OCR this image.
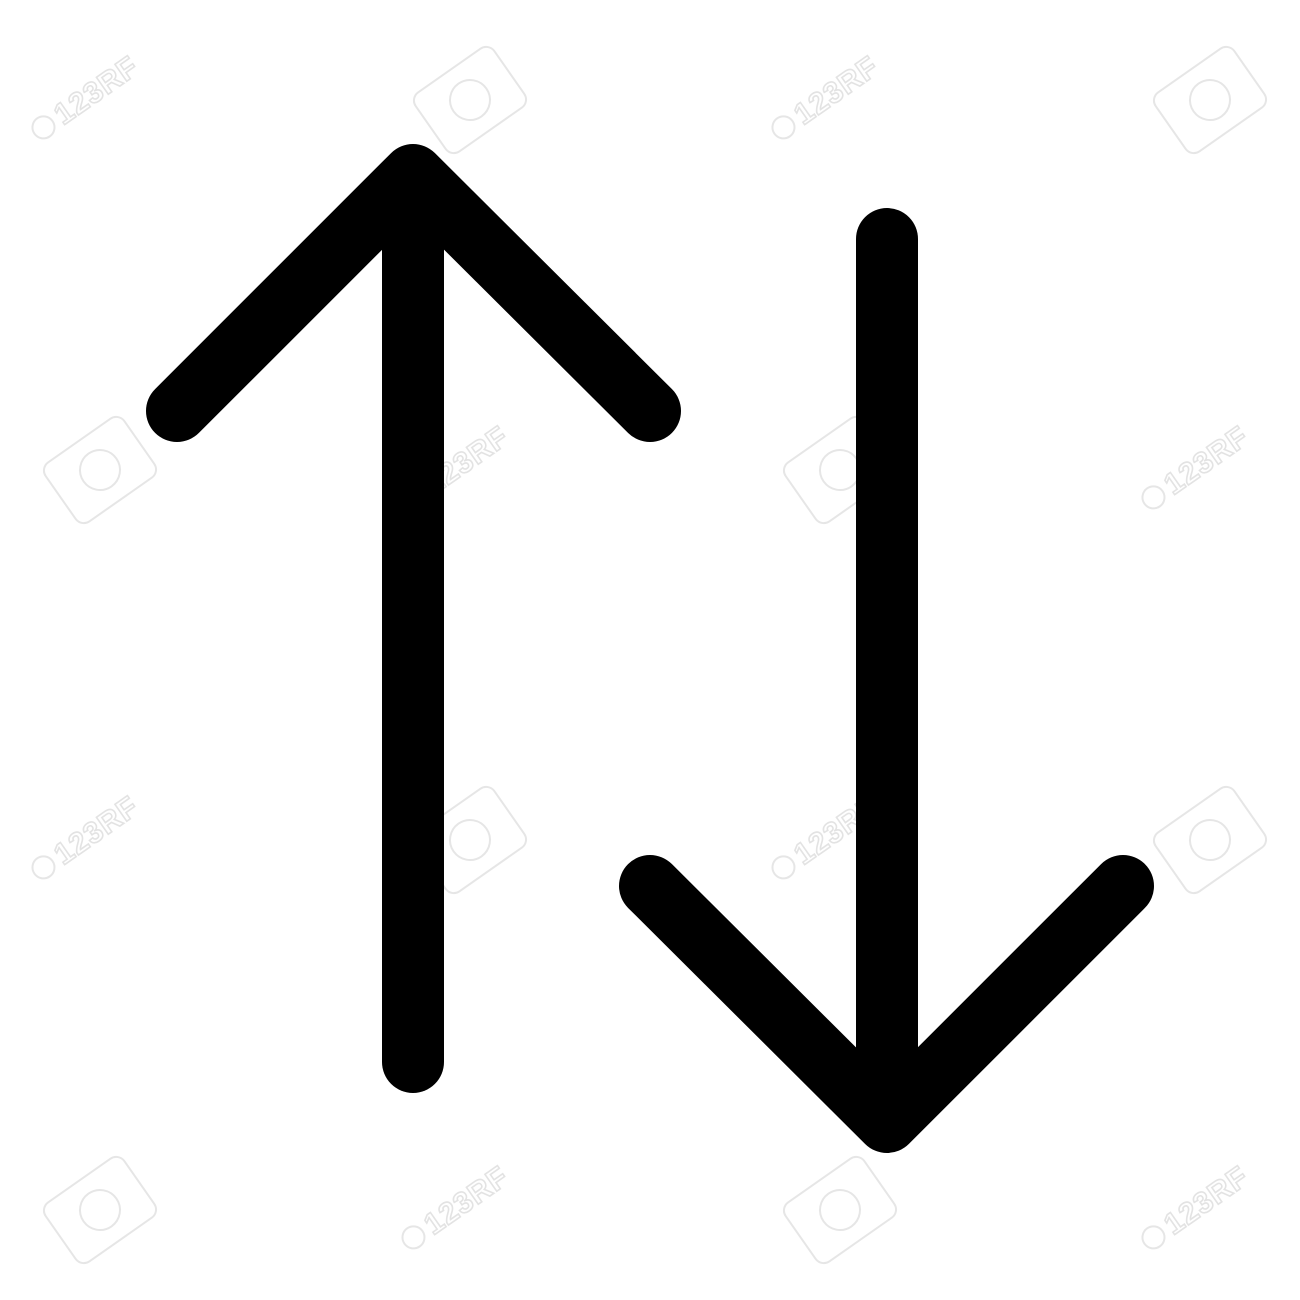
123RF	123RF
123RF	123RF
123RF	123RF
123RF	123RF
